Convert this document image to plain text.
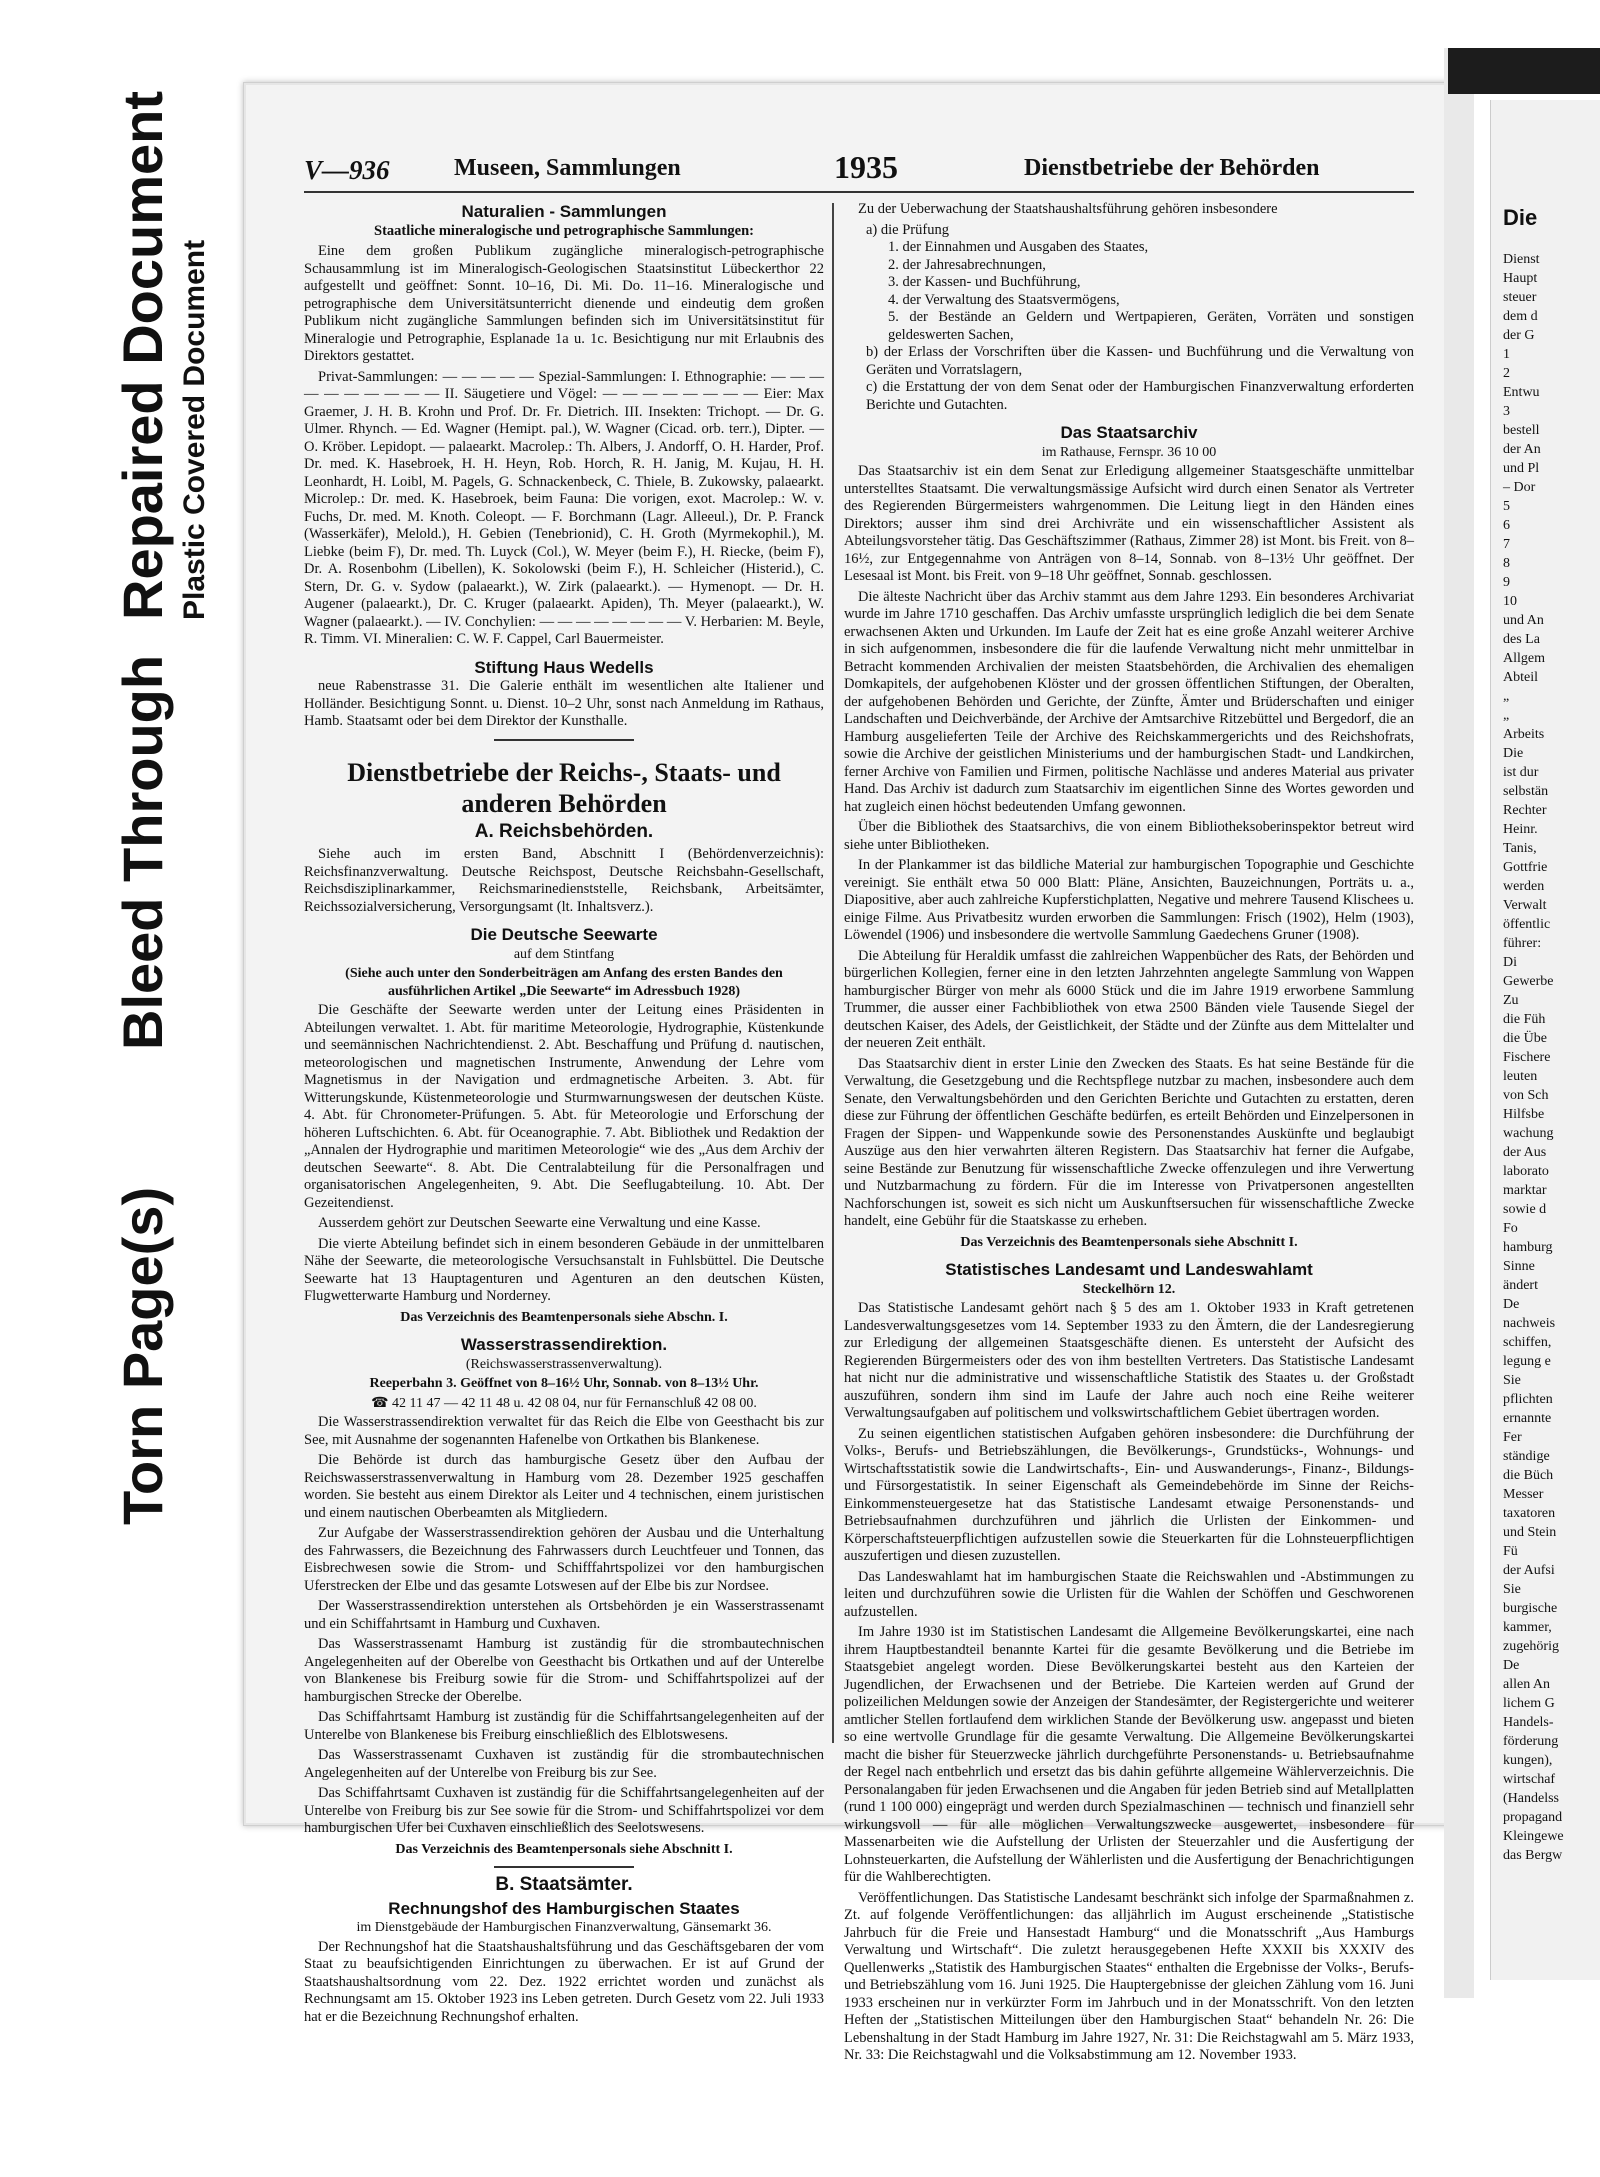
Torn Page(s)
Bleed Through
Repaired Document Plastic Covered Document
V—936	Museen, Sammlungen	1935	Dienstbetriebe der Behörden
Naturalien - Sammlungen
Staatliche mineralogische und petrographische Sammlungen:

Eine dem großen Publikum zugängliche mineralogisch-petrographische Schausammlung ist im Mineralogisch-Geologischen Staatsinstitut Lübeckerthor 22 aufgestellt und geöffnet: Sonnt. 10–16, Di. Mi. Do. 11–16. Mineralogische und petrographische dem Universitätsunterricht dienende und eindeutig dem großen Publikum nicht zugängliche Sammlungen befinden sich im Universitätsinstitut für Mineralogie und Petrographie, Esplanade 1a u. 1c. Besichtigung nur mit Erlaubnis des Direktors gestattet.

Privat-Sammlungen: — — — — — Spezial-Sammlungen: I. Ethnographie: — — — — — — — — — — II. Säugetiere und Vögel: — — — — — — — — Eier: Max Graemer, J. H. B. Krohn und Prof. Dr. Fr. Dietrich. III. Insekten: Trichopt. — Dr. G. Ulmer. Rhynch. — Ed. Wagner (Hemipt. pal.), W. Wagner (Cicad. orb. terr.), Dipter. — O. Kröber. Lepidopt. — palaearkt. Macrolep.: Th. Albers, J. Andorff, O. H. Harder, Prof. Dr. med. K. Hasebroek, H. H. Heyn, Rob. Horch, R. H. Janig, M. Kujau, H. H. Leonhardt, H. Loibl, M. Pagels, G. Schnackenbeck, C. Thiele, B. Zukowsky, palaearkt. Microlep.: Dr. med. K. Hasebroek, beim Fauna: Die vorigen, exot. Macrolep.: W. v. Fuchs, Dr. med. M. Knoth. Coleopt. — F. Borchmann (Lagr. Alleeul.), Dr. P. Franck (Wasserkäfer), Melold.), H. Gebien (Tenebrionid), C. H. Groth (Myrmekophil.), M. Liebke (beim F), Dr. med. Th. Luyck (Col.), W. Meyer (beim F.), H. Riecke, (beim F), Dr. A. Rosenbohm (Libellen), K. Sokolowski (beim F.), H. Schleicher (Histerid.), C. Stern, Dr. G. v. Sydow (palaearkt.), W. Zirk (palaearkt.). — Hymenopt. — Dr. H. Augener (palaearkt.), Dr. C. Kruger (palaearkt. Apiden), Th. Meyer (palaearkt.), W. Wagner (palaearkt.). — IV. Conchylien: — — — — — — — — V. Herbarien: M. Beyle, R. Timm. VI. Mineralien: C. W. F. Cappel, Carl Bauermeister.

Stiftung Haus Wedells

neue Rabenstrasse 31. Die Galerie enthält im wesentlichen alte Italiener und Holländer. Besichtigung Sonnt. u. Dienst. 10–2 Uhr, sonst nach Anmeldung im Rathaus, Hamb. Staatsamt oder bei dem Direktor der Kunsthalle.

Dienstbetriebe der Reichs-, Staats- und anderen Behörden
A. Reichsbehörden.

Siehe auch im ersten Band, Abschnitt I (Behördenverzeichnis): Reichsfinanzverwaltung. Deutsche Reichspost, Deutsche Reichsbahn-Gesellschaft, Reichsdisziplinarkammer, Reichsmarinedienststelle, Reichsbank, Arbeitsämter, Reichssozialversicherung, Versorgungsamt (lt. Inhaltsverz.).

Die Deutsche Seewarte
auf dem Stintfang
(Siehe auch unter den Sonderbeiträgen am Anfang des ersten Bandes den ausführlichen Artikel „Die Seewarte“ im Adressbuch 1928)

Die Geschäfte der Seewarte werden unter der Leitung eines Präsidenten in Abteilungen verwaltet. 1. Abt. für maritime Meteorologie, Hydrographie, Küstenkunde und seemännischen Nachrichtendienst. 2. Abt. Beschaffung und Prüfung d. nautischen, meteorologischen und magnetischen Instrumente, Anwendung der Lehre vom Magnetismus in der Navigation und erdmagnetische Arbeiten. 3. Abt. für Witterungskunde, Küstenmeteorologie und Sturmwarnungswesen der deutschen Küste. 4. Abt. für Chronometer-Prüfungen. 5. Abt. für Meteorologie und Erforschung der höheren Luftschichten. 6. Abt. für Oceanographie. 7. Abt. Bibliothek und Redaktion der „Annalen der Hydrographie und maritimen Meteorologie“ wie des „Aus dem Archiv der deutschen Seewarte“. 8. Abt. Die Centralabteilung für die Personalfragen und organisatorischen Angelegenheiten, 9. Abt. Die Seeflugabteilung. 10. Abt. Der Gezeitendienst.

Ausserdem gehört zur Deutschen Seewarte eine Verwaltung und eine Kasse.

Die vierte Abteilung befindet sich in einem besonderen Gebäude in der unmittelbaren Nähe der Seewarte, die meteorologische Versuchsanstalt in Fuhlsbüttel. Die Deutsche Seewarte hat 13 Hauptagenturen und Agenturen an den deutschen Küsten, Flugwetterwarte Hamburg und Norderney.

Das Verzeichnis des Beamtenpersonals siehe Abschn. I.
Wasserstrassendirektion.
(Reichswasserstrassenverwaltung).
Reeperbahn 3. Geöffnet von 8–16½ Uhr, Sonnab. von 8–13½ Uhr.
☎ 42 11 47 — 42 11 48 u. 42 08 04, nur für Fernanschluß 42 08 00.

Die Wasserstrassendirektion verwaltet für das Reich die Elbe von Geesthacht bis zur See, mit Ausnahme der sogenannten Hafenelbe von Ortkathen bis Blankenese.

Die Behörde ist durch das hamburgische Gesetz über den Aufbau der Reichswasserstrassenverwaltung in Hamburg vom 28. Dezember 1925 geschaffen worden. Sie besteht aus einem Direktor als Leiter und 4 technischen, einem juristischen und einem nautischen Oberbeamten als Mitgliedern.

Zur Aufgabe der Wasserstrassendirektion gehören der Ausbau und die Unterhaltung des Fahrwassers, die Bezeichnung des Fahrwassers durch Leuchtfeuer und Tonnen, das Eisbrechwesen sowie die Strom- und Schifffahrtspolizei vor den hamburgischen Uferstrecken der Elbe und das gesamte Lotswesen auf der Elbe bis zur Nordsee.

Der Wasserstrassendirektion unterstehen als Ortsbehörden je ein Wasserstrassenamt und ein Schiffahrtsamt in Hamburg und Cuxhaven.

Das Wasserstrassenamt Hamburg ist zuständig für die strombautechnischen Angelegenheiten auf der Oberelbe von Geesthacht bis Ortkathen und auf der Unterelbe von Blankenese bis Freiburg sowie für die Strom- und Schiffahrtspolizei auf der hamburgischen Strecke der Oberelbe.

Das Schiffahrtsamt Hamburg ist zuständig für die Schiffahrtsangelegenheiten auf der Unterelbe von Blankenese bis Freiburg einschließlich des Elblotswesens.

Das Wasserstrassenamt Cuxhaven ist zuständig für die strombautechnischen Angelegenheiten auf der Unterelbe von Freiburg bis zur See.

Das Schiffahrtsamt Cuxhaven ist zuständig für die Schiffahrtsangelegenheiten auf der Unterelbe von Freiburg bis zur See sowie für die Strom- und Schiffahrtspolizei vor dem hamburgischen Ufer bei Cuxhaven einschließlich des Seelotswesens.

Das Verzeichnis des Beamtenpersonals siehe Abschnitt I.
B. Staatsämter.
Rechnungshof des Hamburgischen Staates
im Dienstgebäude der Hamburgischen Finanzverwaltung, Gänsemarkt 36.

Der Rechnungshof hat die Staatshaushaltsführung und das Geschäftsgebaren der vom Staat zu beaufsichtigenden Einrichtungen zu überwachen. Er ist auf Grund der Staatshaushaltsordnung vom 22. Dez. 1922 errichtet worden und zunächst als Rechnungsamt am 15. Oktober 1923 ins Leben getreten. Durch Gesetz vom 22. Juli 1933 hat er die Bezeichnung Rechnungshof erhalten.

Zu der Ueberwachung der Staatshaushaltsführung gehören insbesondere

a) die Prüfung
1. der Einnahmen und Ausgaben des Staates,
2. der Jahresabrechnungen,
3. der Kassen- und Buchführung,
4. der Verwaltung des Staatsvermögens,
5. der Bestände an Geldern und Wertpapieren, Geräten, Vorräten und sonstigen geldeswerten Sachen,
b) der Erlass der Vorschriften über die Kassen- und Buchführung und die Verwaltung von Geräten und Vorratslagern,
c) die Erstattung der von dem Senat oder der Hamburgischen Finanzverwaltung erforderten Berichte und Gutachten.
Das Staatsarchiv
im Rathause, Fernspr. 36 10 00

Das Staatsarchiv ist ein dem Senat zur Erledigung allgemeiner Staatsgeschäfte unmittelbar unterstelltes Staatsamt. Die verwaltungsmässige Aufsicht wird durch einen Senator als Vertreter des Regierenden Bürgermeisters wahrgenommen. Die Leitung liegt in den Händen eines Direktors; ausser ihm sind drei Archivräte und ein wissenschaftlicher Assistent als Abteilungsvorsteher tätig. Das Geschäftszimmer (Rathaus, Zimmer 28) ist Mont. bis Freit. von 8–16½, zur Entgegennahme von Anträgen von 8–14, Sonnab. von 8–13½ Uhr geöffnet. Der Lesesaal ist Mont. bis Freit. von 9–18 Uhr geöffnet, Sonnab. geschlossen.

Die älteste Nachricht über das Archiv stammt aus dem Jahre 1293. Ein besonderes Archivariat wurde im Jahre 1710 geschaffen. Das Archiv umfasste ursprünglich lediglich die bei dem Senate erwachsenen Akten und Urkunden. Im Laufe der Zeit hat es eine große Anzahl weiterer Archive in sich aufgenommen, insbesondere die für die laufende Verwaltung nicht mehr unmittelbar in Betracht kommenden Archivalien der meisten Staatsbehörden, die Archivalien des ehemaligen Domkapitels, der aufgehobenen Klöster und der grossen öffentlichen Stiftungen, der Oberalten, der aufgehobenen Behörden und Gerichte, der Zünfte, Ämter und Brüderschaften und einiger Landschaften und Deichverbände, der Archive der Amtsarchive Ritzebüttel und Bergedorf, die an Hamburg ausgelieferten Teile der Archive des Reichskammergerichts und des Reichshofrats, sowie die Archive der geistlichen Ministeriums und der hamburgischen Stadt- und Landkirchen, ferner Archive von Familien und Firmen, politische Nachlässe und anderes Material aus privater Hand. Das Archiv ist dadurch zum Staatsarchiv im eigentlichen Sinne des Wortes geworden und hat zugleich einen höchst bedeutenden Umfang gewonnen.

Über die Bibliothek des Staatsarchivs, die von einem Bibliotheksoberinspektor betreut wird siehe unter Bibliotheken.

In der Plankammer ist das bildliche Material zur hamburgischen Topographie und Geschichte vereinigt. Sie enthält etwa 50 000 Blatt: Pläne, Ansichten, Bauzeichnungen, Porträts u. a., Diapositive, aber auch zahlreiche Kupferstichplatten, Negative und mehrere Tausend Klischees u. einige Filme. Aus Privatbesitz wurden erworben die Sammlungen: Frisch (1902), Helm (1903), Löwendel (1906) und insbesondere die wertvolle Sammlung Gaedechens Gruner (1908).

Die Abteilung für Heraldik umfasst die zahlreichen Wappenbücher des Rats, der Behörden und bürgerlichen Kollegien, ferner eine in den letzten Jahrzehnten angelegte Sammlung von Wappen hamburgischer Bürger von mehr als 6000 Stück und die im Jahre 1919 erworbene Sammlung Trummer, die ausser einer Fachbibliothek von etwa 2500 Bänden viele Tausende Siegel der deutschen Kaiser, des Adels, der Geistlichkeit, der Städte und der Zünfte aus dem Mittelalter und der neueren Zeit enthält.

Das Staatsarchiv dient in erster Linie den Zwecken des Staats. Es hat seine Bestände für die Verwaltung, die Gesetzgebung und die Rechtspflege nutzbar zu machen, insbesondere auch dem Senate, den Verwaltungsbehörden und den Gerichten Berichte und Gutachten zu erstatten, deren diese zur Führung der öffentlichen Geschäfte bedürfen, es erteilt Behörden und Einzelpersonen in Fragen der Sippen- und Wappenkunde sowie des Personenstandes Auskünfte und beglaubigt Auszüge aus den hier verwahrten älteren Registern. Das Staatsarchiv hat ferner die Aufgabe, seine Bestände zur Benutzung für wissenschaftliche Zwecke offenzulegen und ihre Verwertung und Nutzbarmachung zu fördern. Für die im Interesse von Privatpersonen angestellten Nachforschungen ist, soweit es sich nicht um Auskunftsersuchen für wissenschaftliche Zwecke handelt, eine Gebühr für die Staatskasse zu erheben.

Das Verzeichnis des Beamtenpersonals siehe Abschnitt I.
Statistisches Landesamt und Landeswahlamt
Steckelhörn 12.

Das Statistische Landesamt gehört nach § 5 des am 1. Oktober 1933 in Kraft getretenen Landesverwaltungsgesetzes vom 14. September 1933 zu den Ämtern, die der Landesregierung zur Erledigung der allgemeinen Staatsgeschäfte dienen. Es untersteht der Aufsicht des Regierenden Bürgermeisters oder des von ihm bestellten Vertreters. Das Statistische Landesamt hat nicht nur die administrative und wissenschaftliche Statistik des Staates u. der Großstadt auszuführen, sondern ihm sind im Laufe der Jahre auch noch eine Reihe weiterer Verwaltungsaufgaben auf politischem und volkswirtschaftlichem Gebiet übertragen worden.

Zu seinen eigentlichen statistischen Aufgaben gehören insbesondere: die Durchführung der Volks-, Berufs- und Betriebszählungen, die Bevölkerungs-, Grundstücks-, Wohnungs- und Wirtschaftsstatistik sowie die Landwirtschafts-, Ein- und Auswanderungs-, Finanz-, Bildungs- und Fürsorgestatistik. In seiner Eigenschaft als Gemeindebehörde im Sinne der Reichs-Einkommensteuergesetze hat das Statistische Landesamt etwaige Personenstands- und Betriebsaufnahmen durchzuführen und jährlich die Urlisten der Einkommen- und Körperschaftsteuerpflichtigen aufzustellen sowie die Steuerkarten für die Lohnsteuerpflichtigen auszufertigen und diesen zuzustellen.

Das Landeswahlamt hat im hamburgischen Staate die Reichswahlen und -Abstimmungen zu leiten und durchzuführen sowie die Urlisten für die Wahlen der Schöffen und Geschworenen aufzustellen.

Im Jahre 1930 ist im Statistischen Landesamt die Allgemeine Bevölkerungskartei, eine nach ihrem Hauptbestandteil benannte Kartei für die gesamte Bevölkerung und die Betriebe im Staatsgebiet angelegt worden. Diese Bevölkerungskartei besteht aus den Karteien der Jugendlichen, der Erwachsenen und der Betriebe. Die Karteien werden auf Grund der polizeilichen Meldungen sowie der Anzeigen der Standesämter, der Registergerichte und weiterer amtlicher Stellen fortlaufend dem wirklichen Stande der Bevölkerung usw. angepasst und bieten so eine wertvolle Grundlage für die gesamte Verwaltung. Die Allgemeine Bevölkerungskartei macht die bisher für Steuerzwecke jährlich durchgeführte Personenstands- u. Betriebsaufnahme der Regel nach entbehrlich und ersetzt das bis dahin geführte allgemeine Wählerverzeichnis. Die Personalangaben für jeden Erwachsenen und die Angaben für jeden Betrieb sind auf Metallplatten (rund 1 100 000) eingeprägt und werden durch Spezialmaschinen — technisch und finanziell sehr wirkungsvoll — für alle möglichen Verwaltungszwecke ausgewertet, insbesondere für Massenarbeiten wie die Aufstellung der Urlisten der Steuerzahler und die Ausfertigung der Lohnsteuerkarten, die Aufstellung der Wählerlisten und die Ausfertigung der Benachrichtigungen für die Wahlberechtigten.

Veröffentlichungen. Das Statistische Landesamt beschränkt sich infolge der Sparmaßnahmen z. Zt. auf folgende Veröffentlichungen: das alljährlich im August erscheinende „Statistische Jahrbuch für die Freie und Hansestadt Hamburg“ und die Monatsschrift „Aus Hamburgs Verwaltung und Wirtschaft“. Die zuletzt herausgegebenen Hefte XXXII bis XXXIV des Quellenwerks „Statistik des Hamburgischen Staates“ enthalten die Ergebnisse der Volks-, Berufs- und Betriebszählung vom 16. Juni 1925. Die Hauptergebnisse der gleichen Zählung vom 16. Juni 1933 erscheinen nur in verkürzter Form im Jahrbuch und in der Monatsschrift. Von den letzten Heften der „Statistischen Mitteilungen über den Hamburgischen Staat“ behandeln Nr. 26: Die Lebenshaltung in der Stadt Hamburg im Jahre 1927, Nr. 31: Die Reichstagwahl am 5. März 1933, Nr. 33: Die Reichstagwahl und die Volksabstimmung am 12. November 1933.

Die
Dienst
Haupt
steuer
dem d
der G
1
2
Entwu
3
bestell
der An
und Pl
– Dor
5
6
7
8
9
10
und An
des La
Allgem
Abteil
„
„
Arbeits
Die
ist dur
selbstän
Rechter
Heinr.
Tanis,
Gottfrie
werden
Verwalt
öffentlic
führer:
Di
Gewerbe
Zu
die Füh
die Übe
Fischere
leuten
von Sch
Hilfsbe
wachung
der Aus
laborato
marktar
sowie d
Fo
hamburg
Sinne
ändert
De
nachweis
schiffen,
legung e
Sie
pflichten
ernannte
Fer
ständige
die Büch
Messer
taxatoren
und Stein
Fü
der Aufsi
Sie
burgische
kammer,
zugehörig
De
allen An
lichem G
Handels-
förderung
kungen),
wirtschaf
(Handelss
propagand
Kleingewe
das Bergw
